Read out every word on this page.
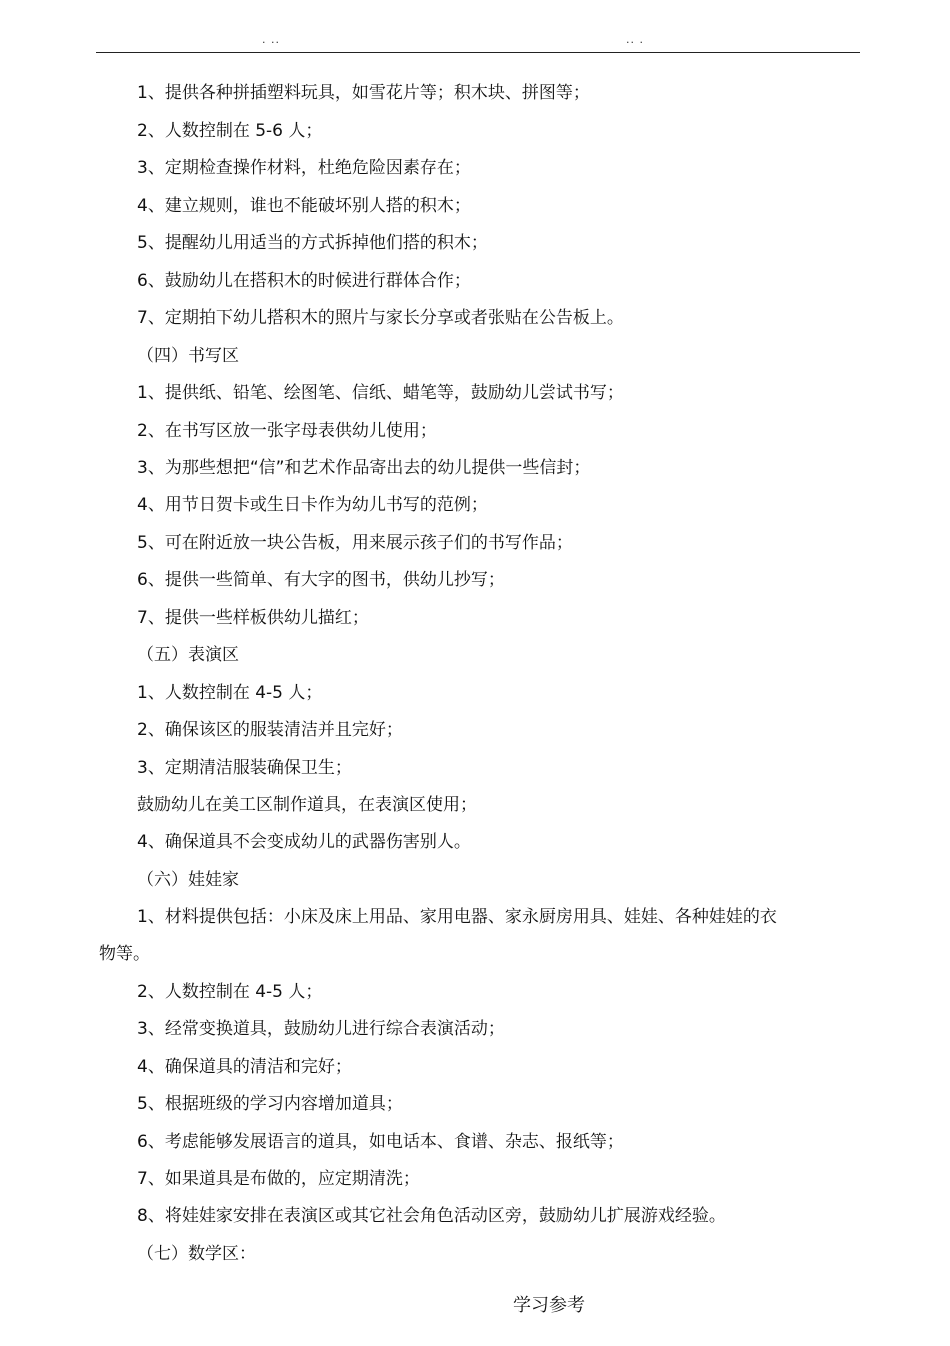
. ..	.. .
1、提供各种拼插塑料玩具，如雪花片等；积木块、拼图等；
2、人数控制在 5-6 人；
3、定期检查操作材料，杜绝危险因素存在；
4、建立规则，谁也不能破坏别人搭的积木；
5、提醒幼儿用适当的方式拆掉他们搭的积木；
6、鼓励幼儿在搭积木的时候进行群体合作；
7、定期拍下幼儿搭积木的照片与家长分享或者张贴在公告板上。
（四）书写区
1、提供纸、铅笔、绘图笔、信纸、蜡笔等，鼓励幼儿尝试书写；
2、在书写区放一张字母表供幼儿使用；
3、为那些想把“信”和艺术作品寄出去的幼儿提供一些信封；
4、用节日贺卡或生日卡作为幼儿书写的范例；
5、可在附近放一块公告板，用来展示孩子们的书写作品；
6、提供一些简单、有大字的图书，供幼儿抄写；
7、提供一些样板供幼儿描红；
（五）表演区
1、人数控制在 4-5 人；
2、确保该区的服装清洁并且完好；
3、定期清洁服装确保卫生；
鼓励幼儿在美工区制作道具，在表演区使用；
4、确保道具不会变成幼儿的武器伤害别人。
（六）娃娃家
1、材料提供包括：小床及床上用品、家用电器、家永厨房用具、娃娃、各种娃娃的衣
物等。
2、人数控制在 4-5 人；
3、经常变换道具，鼓励幼儿进行综合表演活动；
4、确保道具的清洁和完好；
5、根据班级的学习内容增加道具；
6、考虑能够发展语言的道具，如电话本、食谱、杂志、报纸等；
7、如果道具是布做的，应定期清洗；
8、将娃娃家安排在表演区或其它社会角色活动区旁，鼓励幼儿扩展游戏经验。
（七）数学区：
学习参考
